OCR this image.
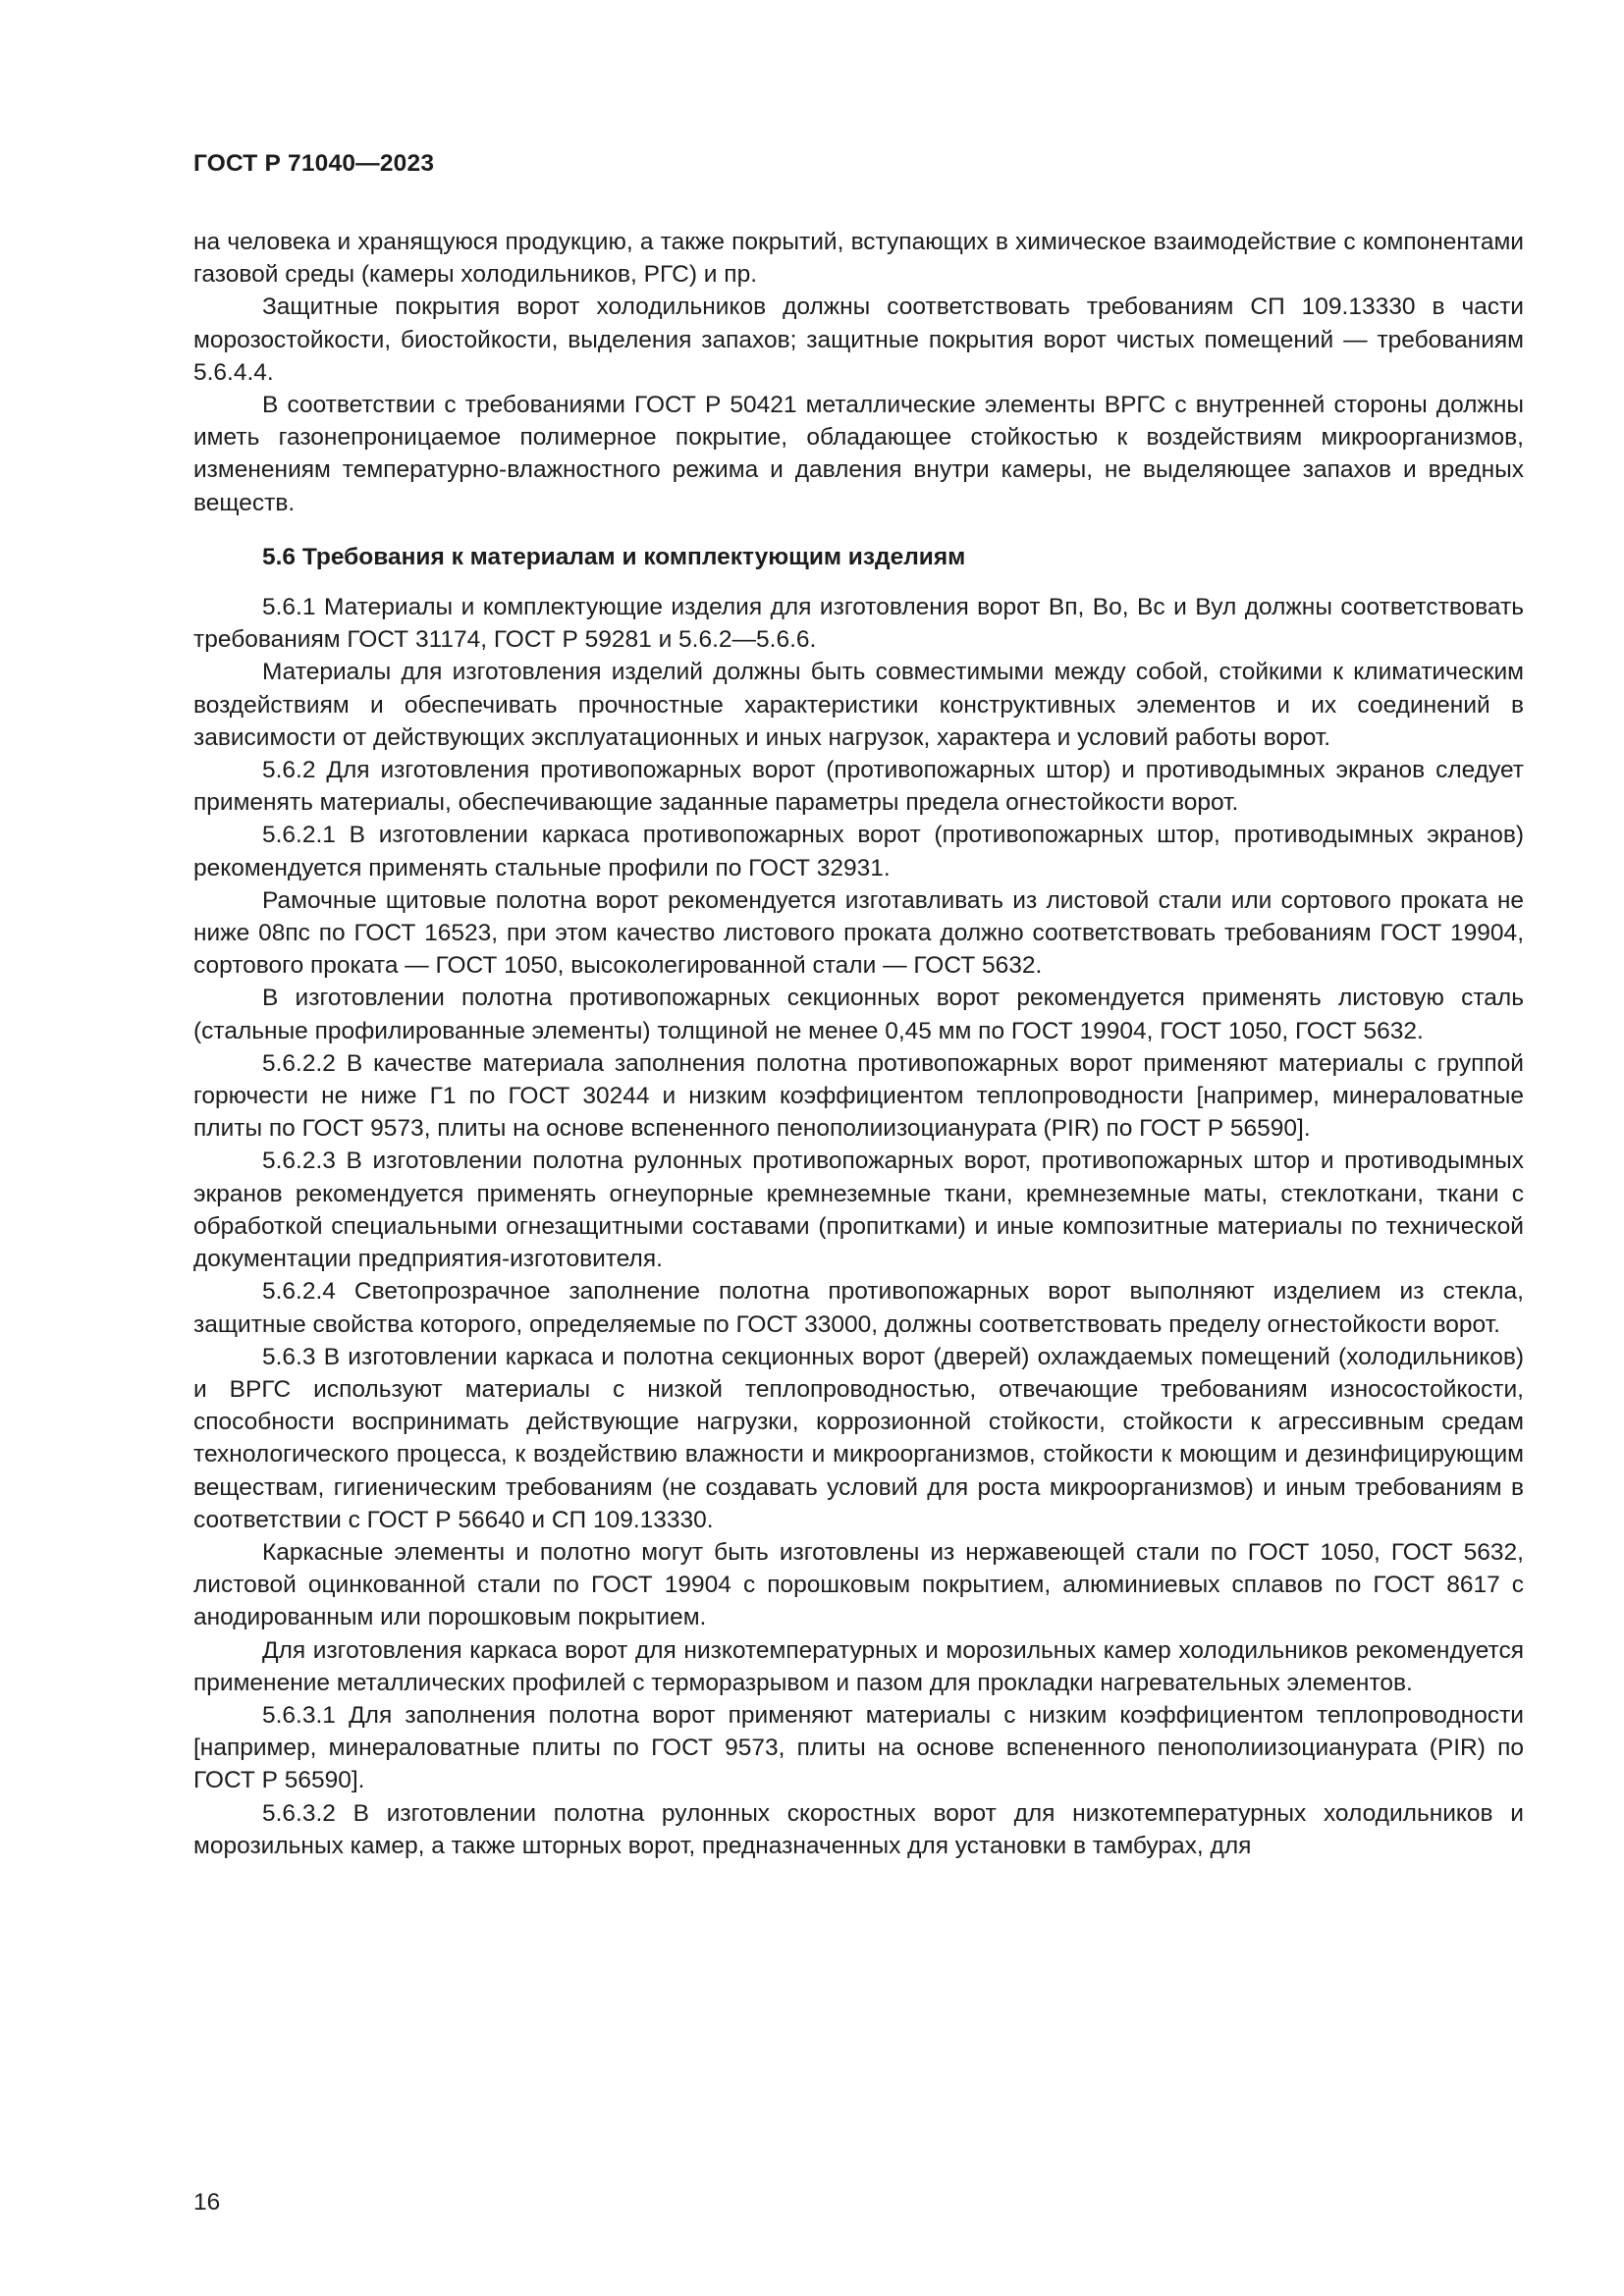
ГОСТ Р 71040—2023

на человека и хранящуюся продукцию, а также покрытий, вступающих в химическое взаимодействие с компонентами газовой среды (камеры холодильников, РГС) и пр.

Защитные покрытия ворот холодильников должны соответствовать требованиям СП 109.13330 в части морозостойкости, биостойкости, выделения запахов; защитные покрытия ворот чистых помещений — требованиям 5.6.4.4.

В соответствии с требованиями ГОСТ Р 50421 металлические элементы ВРГС с внутренней стороны должны иметь газонепроницаемое полимерное покрытие, обладающее стойкостью к воздействиям микроорганизмов, изменениям температурно-влажностного режима и давления внутри камеры, не выделяющее запахов и вредных веществ.

5.6 Требования к материалам и комплектующим изделиям

5.6.1 Материалы и комплектующие изделия для изготовления ворот Вп, Во, Вс и Вул должны соответствовать требованиям ГОСТ 31174, ГОСТ Р 59281 и 5.6.2—5.6.6.

Материалы для изготовления изделий должны быть совместимыми между собой, стойкими к климатическим воздействиям и обеспечивать прочностные характеристики конструктивных элементов и их соединений в зависимости от действующих эксплуатационных и иных нагрузок, характера и условий работы ворот.

5.6.2 Для изготовления противопожарных ворот (противопожарных штор) и противодымных экранов следует применять материалы, обеспечивающие заданные параметры предела огнестойкости ворот.

5.6.2.1 В изготовлении каркаса противопожарных ворот (противопожарных штор, противодымных экранов) рекомендуется применять стальные профили по ГОСТ 32931.

Рамочные щитовые полотна ворот рекомендуется изготавливать из листовой стали или сортового проката не ниже 08пс по ГОСТ 16523, при этом качество листового проката должно соответствовать требованиям ГОСТ 19904, сортового проката — ГОСТ 1050, высоколегированной стали — ГОСТ 5632.

В изготовлении полотна противопожарных секционных ворот рекомендуется применять листовую сталь (стальные профилированные элементы) толщиной не менее 0,45 мм по ГОСТ 19904, ГОСТ 1050, ГОСТ 5632.

5.6.2.2 В качестве материала заполнения полотна противопожарных ворот применяют материалы с группой горючести не ниже Г1 по ГОСТ 30244 и низким коэффициентом теплопроводности [например, минераловатные плиты по ГОСТ 9573, плиты на основе вспененного пенополиизоцианурата (PIR) по ГОСТ Р 56590].

5.6.2.3 В изготовлении полотна рулонных противопожарных ворот, противопожарных штор и противодымных экранов рекомендуется применять огнеупорные кремнеземные ткани, кремнеземные маты, стеклоткани, ткани с обработкой специальными огнезащитными составами (пропитками) и иные композитные материалы по технической документации предприятия-изготовителя.

5.6.2.4 Светопрозрачное заполнение полотна противопожарных ворот выполняют изделием из стекла, защитные свойства которого, определяемые по ГОСТ 33000, должны соответствовать пределу огнестойкости ворот.

5.6.3 В изготовлении каркаса и полотна секционных ворот (дверей) охлаждаемых помещений (холодильников) и ВРГС используют материалы с низкой теплопроводностью, отвечающие требованиям износостойкости, способности воспринимать действующие нагрузки, коррозионной стойкости, стойкости к агрессивным средам технологического процесса, к воздействию влажности и микроорганизмов, стойкости к моющим и дезинфицирующим веществам, гигиеническим требованиям (не создавать условий для роста микроорганизмов) и иным требованиям в соответствии с ГОСТ Р 56640 и СП 109.13330.

Каркасные элементы и полотно могут быть изготовлены из нержавеющей стали по ГОСТ 1050, ГОСТ 5632, листовой оцинкованной стали по ГОСТ 19904 с порошковым покрытием, алюминиевых сплавов по ГОСТ 8617 с анодированным или порошковым покрытием.

Для изготовления каркаса ворот для низкотемпературных и морозильных камер холодильников рекомендуется применение металлических профилей с терморазрывом и пазом для прокладки нагревательных элементов.

5.6.3.1 Для заполнения полотна ворот применяют материалы с низким коэффициентом теплопроводности [например, минераловатные плиты по ГОСТ 9573, плиты на основе вспененного пенополиизоцианурата (PIR) по ГОСТ Р 56590].

5.6.3.2 В изготовлении полотна рулонных скоростных ворот для низкотемпературных холодильников и морозильных камер, а также шторных ворот, предназначенных для установки в тамбурах, для

16
